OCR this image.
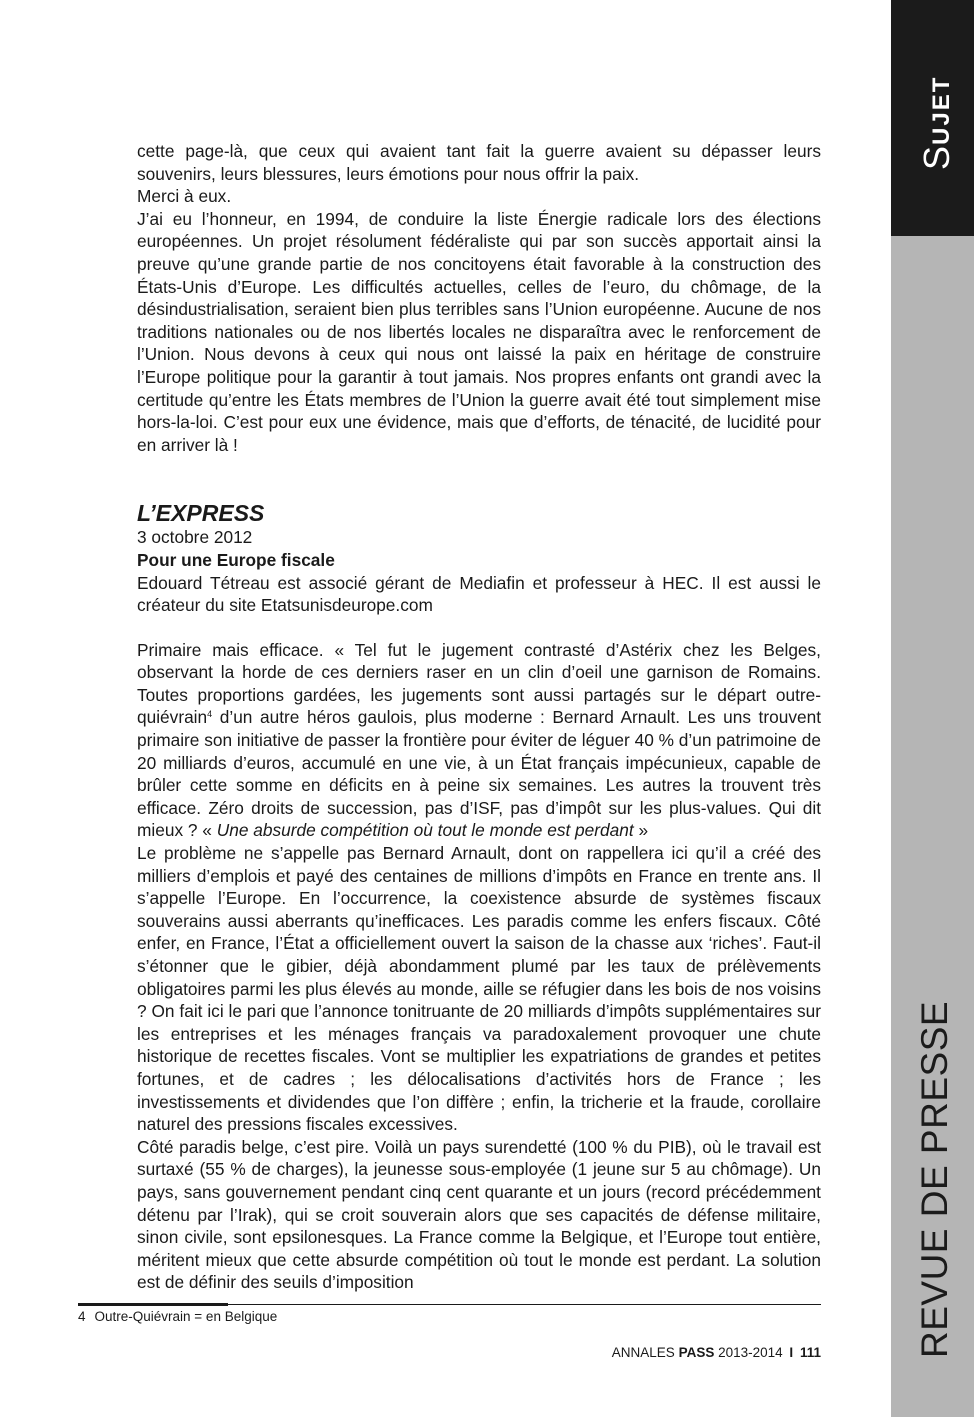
SUJET
REVUE DE PRESSE

cette page-là, que ceux qui avaient tant fait la guerre avaient su dépasser leurs souvenirs, leurs blessures, leurs émotions pour nous offrir la paix.

Merci à eux.

J’ai eu l’honneur, en 1994, de conduire la liste Énergie radicale lors des élections européennes. Un projet résolument fédéraliste qui par son succès apportait ainsi la preuve qu’une grande partie de nos concitoyens était favorable à la construction des États-Unis d’Europe. Les difficultés actuelles, celles de l’euro, du chômage, de la désindustrialisation, seraient bien plus terribles sans l’Union européenne. Aucune de nos traditions nationales ou de nos libertés locales ne disparaîtra avec le renforcement de l’Union. Nous devons à ceux qui nous ont laissé la paix en héritage de construire l’Europe politique pour la garantir à tout jamais. Nos propres enfants ont grandi avec la certitude qu’entre les États membres de l’Union la guerre avait été tout simplement mise hors-la-loi. C’est pour eux une évidence, mais que d’efforts, de ténacité, de lucidité pour en arriver là !

L’EXPRESS

3 octobre 2012

Pour une Europe fiscale

Edouard Tétreau est associé gérant de Mediafin et professeur à HEC. Il est aussi le créateur du site Etatsunisdeurope.com

Primaire mais efficace. « Tel fut le jugement contrasté d’Astérix chez les Belges, observant la horde de ces derniers raser en un clin d’oeil une garnison de Romains. Toutes proportions gardées, les jugements sont aussi partagés sur le départ outre-quiévrain$^4$ d’un autre héros gaulois, plus moderne : Bernard Arnault. Les uns trouvent primaire son initiative de passer la frontière pour éviter de léguer 40 % d’un patrimoine de 20 milliards d’euros, accumulé en une vie, à un État français impécunieux, capable de brûler cette somme en déficits en à peine six semaines. Les autres la trouvent très efficace. Zéro droits de succession, pas d’ISF, pas d’impôt sur les plus-values. Qui dit mieux ? « Une absurde compétition où tout le monde est perdant »

Le problème ne s’appelle pas Bernard Arnault, dont on rappellera ici qu’il a créé des milliers d’emplois et payé des centaines de millions d’impôts en France en trente ans. Il s’appelle l’Europe. En l’occurrence, la coexistence absurde de systèmes fiscaux souverains aussi aberrants qu’inefficaces. Les paradis comme les enfers fiscaux. Côté enfer, en France, l’État a officiellement ouvert la saison de la chasse aux ‘riches’. Faut-il s’étonner que le gibier, déjà abondamment plumé par les taux de prélèvements obligatoires parmi les plus élevés au monde, aille se réfugier dans les bois de nos voisins ? On fait ici le pari que l’annonce tonitruante de 20 milliards d’impôts supplémentaires sur les entreprises et les ménages français va paradoxalement provoquer une chute historique de recettes fiscales. Vont se multiplier les expatriations de grandes et petites fortunes, et de cadres ; les délocalisations d’activités hors de France ; les investissements et dividendes que l’on diffère ; enfin, la tricherie et la fraude, corollaire naturel des pressions fiscales excessives.

Côté paradis belge, c’est pire. Voilà un pays surendetté (100 % du PIB), où le travail est surtaxé (55 % de charges), la jeunesse sous-employée (1 jeune sur 5 au chômage). Un pays, sans gouvernement pendant cinq cent quarante et un jours (record précédemment détenu par l’Irak), qui se croit souverain alors que ses capacités de défense militaire, sinon civile, sont epsilonesques. La France comme la Belgique, et l’Europe tout entière, méritent mieux que cette absurde compétition où tout le monde est perdant. La solution est de définir des seuils d’imposition

4 Outre-Quiévrain = en Belgique
ANNALES PASS 2013-2014 I 111
